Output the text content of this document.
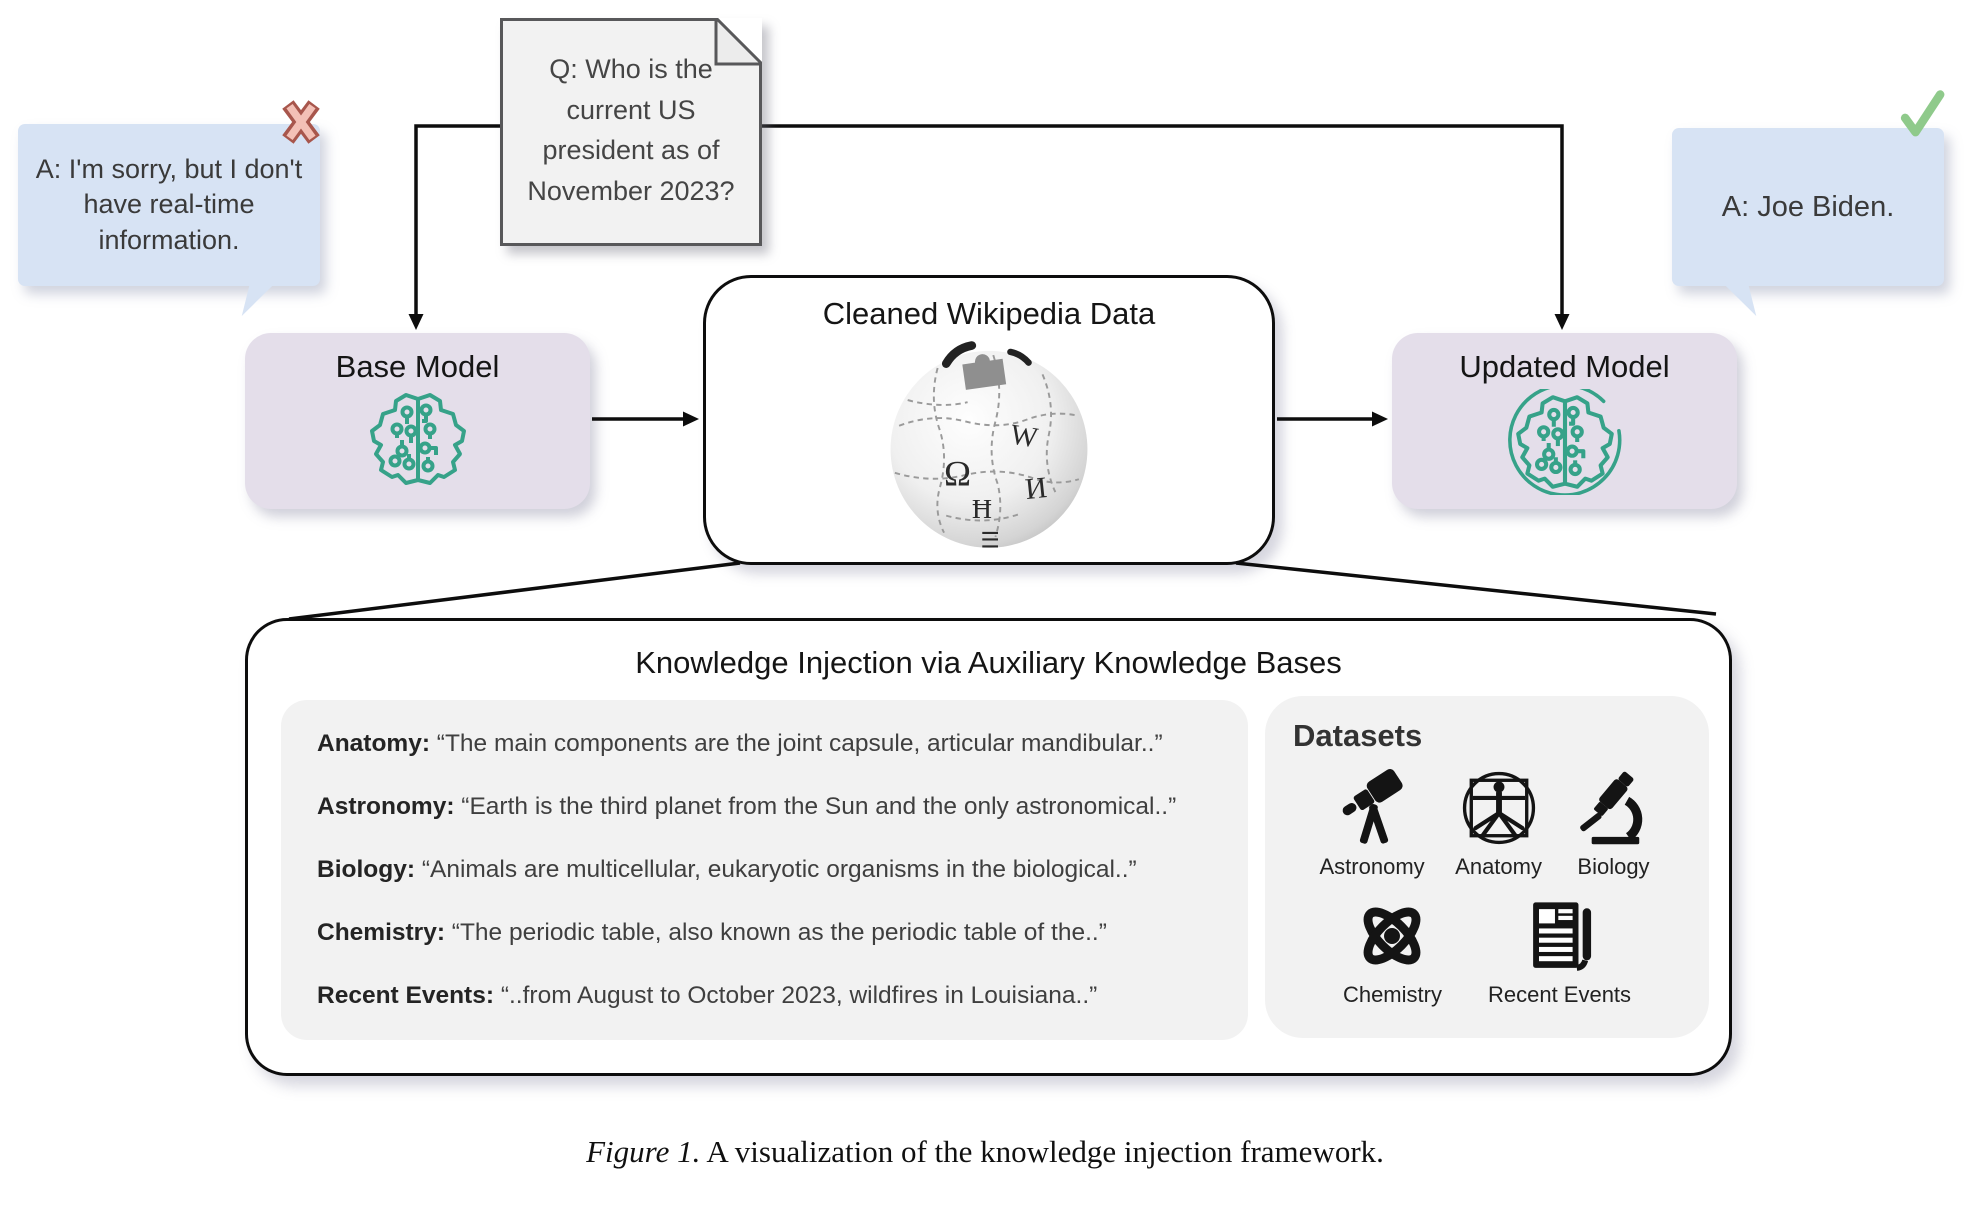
A: I'm sorry, but I don't have real-time information.
Q: Who is the current US president as of November 2023?
A: Joe Biden.
Base Model
Cleaned Wikipedia Data
Ω
W
И
Ħ
☰
Updated Model
Knowledge Injection via Auxiliary Knowledge Bases
Anatomy: “The main components are the joint capsule, articular mandibular..”
Astronomy: “Earth is the third planet from the Sun and the only astronomical..”
Biology: “Animals are multicellular, eukaryotic organisms in the biological..”
Chemistry: “The periodic table, also known as the periodic table of the..”
Recent Events: “..from August to October 2023, wildfires in Louisiana..”
Datasets
Astronomy Anatomy Biology
Chemistry Recent Events
Figure 1. A visualization of the knowledge injection framework.
